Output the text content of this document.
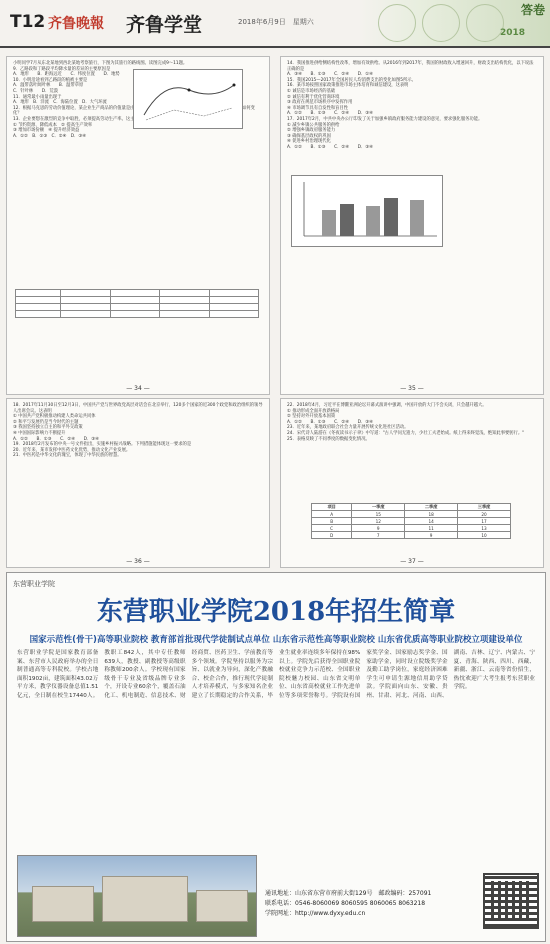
T12 齐鲁晚報 齐鲁学堂	2018年6月9日　星期六
答卷
2018
小明同学7月从东北某地到西北某地考察旅行，下图为其旅行的路线图。读图完成9～11题。
9．乙路段和丁路段平均降水量的差异的主要原因是
A．地形　　B．距海远近　　C．纬度位置　　D．地势
10．小明沿途看到乙路段的植被主要是
A．温带落叶阔叶林　　B．温带草原
C．针叶林　　D．荒漠
11．通常最小雨量出现于
A．地形　B．洋流　C．海陆位置　D．大气环流
12．根据马克思的劳动价值理论，某企业生产商品的价值量是由什么决定的？企业的劳动生产率提高时，单位商品价值量如何变化？
13．企业要想在激烈的竞争中取胜，必须提高劳动生产率。这主要是因为
① 节约资源、降低成本　② 提高生产效率
③ 增加市场份额　④ 提升经济效益
A．①②　B．①③　C．②④　D．③④

— 34 —
14．我国推进供给侧结构性改革，增加有效供给。从2016年到2017年，我国的财政收入增速回升，财政支出结构优化，以下说法正确的是
A．③④　　B．①③　　C．②④　　D．①④
15．我国2015—2017年全国居民人均消费支出的变化如图5所示。
16．某市场按照国家政策推进市场主体培育和诚信建设，这表明
① 诚信是市场经济的基础
② 诚信有利于优化营商环境
③ 政府在规范市场秩序中发挥作用
④ 市场调节具有自发性和盲目性
A．①②　　B．①③　　C．②④　　D．③④
17．2017年2月，中共中央办公厅印发了关于加强乡镇政府服务能力建设的意见，要求强化服务功能。
① 减少乡镇公共服务的供给
② 增强乡镇政府服务能力
③ 确保基层政权的巩固
④ 促进乡村治理现代化
A．①②　　B．①③　　C．②④　　D．③④
— 35 —
18．2017年11月30日至12月3日，中国共产党与世界政党高层对话会在北京举行，120多个国家的近300个政党和政治组织的领导人出席会议。这表明
① 中国共产党积极推动构建人类命运共同体
② 和平与发展仍是当今时代的主题
③ 我国坚持独立自主的和平外交政策
④ 中国国际影响力不断提升
A．①②　　B．①③　　C．②④　　D．③④
19．2018年2月发布的中央一号文件指出，实施乡村振兴战略。下列措施能体现这一要求的是
20．近年来，某市发挥中医药文化优势，推动文化产业发展。
21．中医药是中华文化的瑰宝，体现了中华民族的智慧。
— 36 —
22．2018年4月，习近平在博鳌亚洲论坛开幕式演讲中强调，中国开放的大门不会关闭，只会越开越大。
① 推动形成全面开放新格局
② 坚持对外开放基本国策
A．①②　　B．①③　　C．②④　　D．③④
23．近年来，某地政府联合社会力量开展传统文化进社区活动。
24．宋代诗人陆游在《冬夜读书示子聿》中写道："古人学问无遗力，少壮工夫老始成。纸上得来终觉浅，绝知此事要躬行。"
25．表格反映了不同季度的数据变化情况。
项目	一季度	二季度	三季度
A	15	18	20
B	12	14	17
C	9	11	13
D	7	9	10
— 37 —
东营职业学院
东营职业学院2018年招生简章
国家示范性(骨干)高等职业院校 教育部首批现代学徒制试点单位 山东省示范性高等职业院校 山东省优质高等职业院校立项建设单位
东营职业学院是国家教育部备案、东营市人民政府举办的全日制普通高等专科院校。学校占地面积1902亩，建筑面积43.02万平方米，教学仪器设备总值1.51亿元，全日制在校生17440人。教职工842人，其中专任教师639人，教授、副教授等高级职称教师200余人。学校现有国家级骨干专业及省级品牌专业多个，开设专业60余个，覆盖石油化工、机电制造、信息技术、财经商贸、医药卫生、学前教育等多个领域。学院坚持以服务为宗旨、以就业为导向，深化产教融合、校企合作，推行现代学徒制人才培养模式，与多家知名企业建立了长期稳定的合作关系，毕业生就业率连续多年保持在98%以上。学院先后获得全国职业院校就业竞争力示范校、全国职业院校魅力校园、山东省文明单位、山东省高校就业工作先进单位等多项荣誉称号。学院设有国家奖学金、国家励志奖学金、国家助学金，同时设立院级奖学金及勤工助学岗位，家庭经济困难学生可申请生源地信用助学贷款。学院面向山东、安徽、贵州、甘肃、河北、河南、山西、湖南、吉林、辽宁、内蒙古、宁夏、青海、陕西、四川、西藏、新疆、浙江、云南等省份招生，热忱欢迎广大考生报考东营职业学院。
通讯地址：山东省东营市府前大街129号　邮政编码：257091
联系电话：0546-8060069 8060595 8060065 8063218
学院网址：http://www.dyxy.edu.cn
